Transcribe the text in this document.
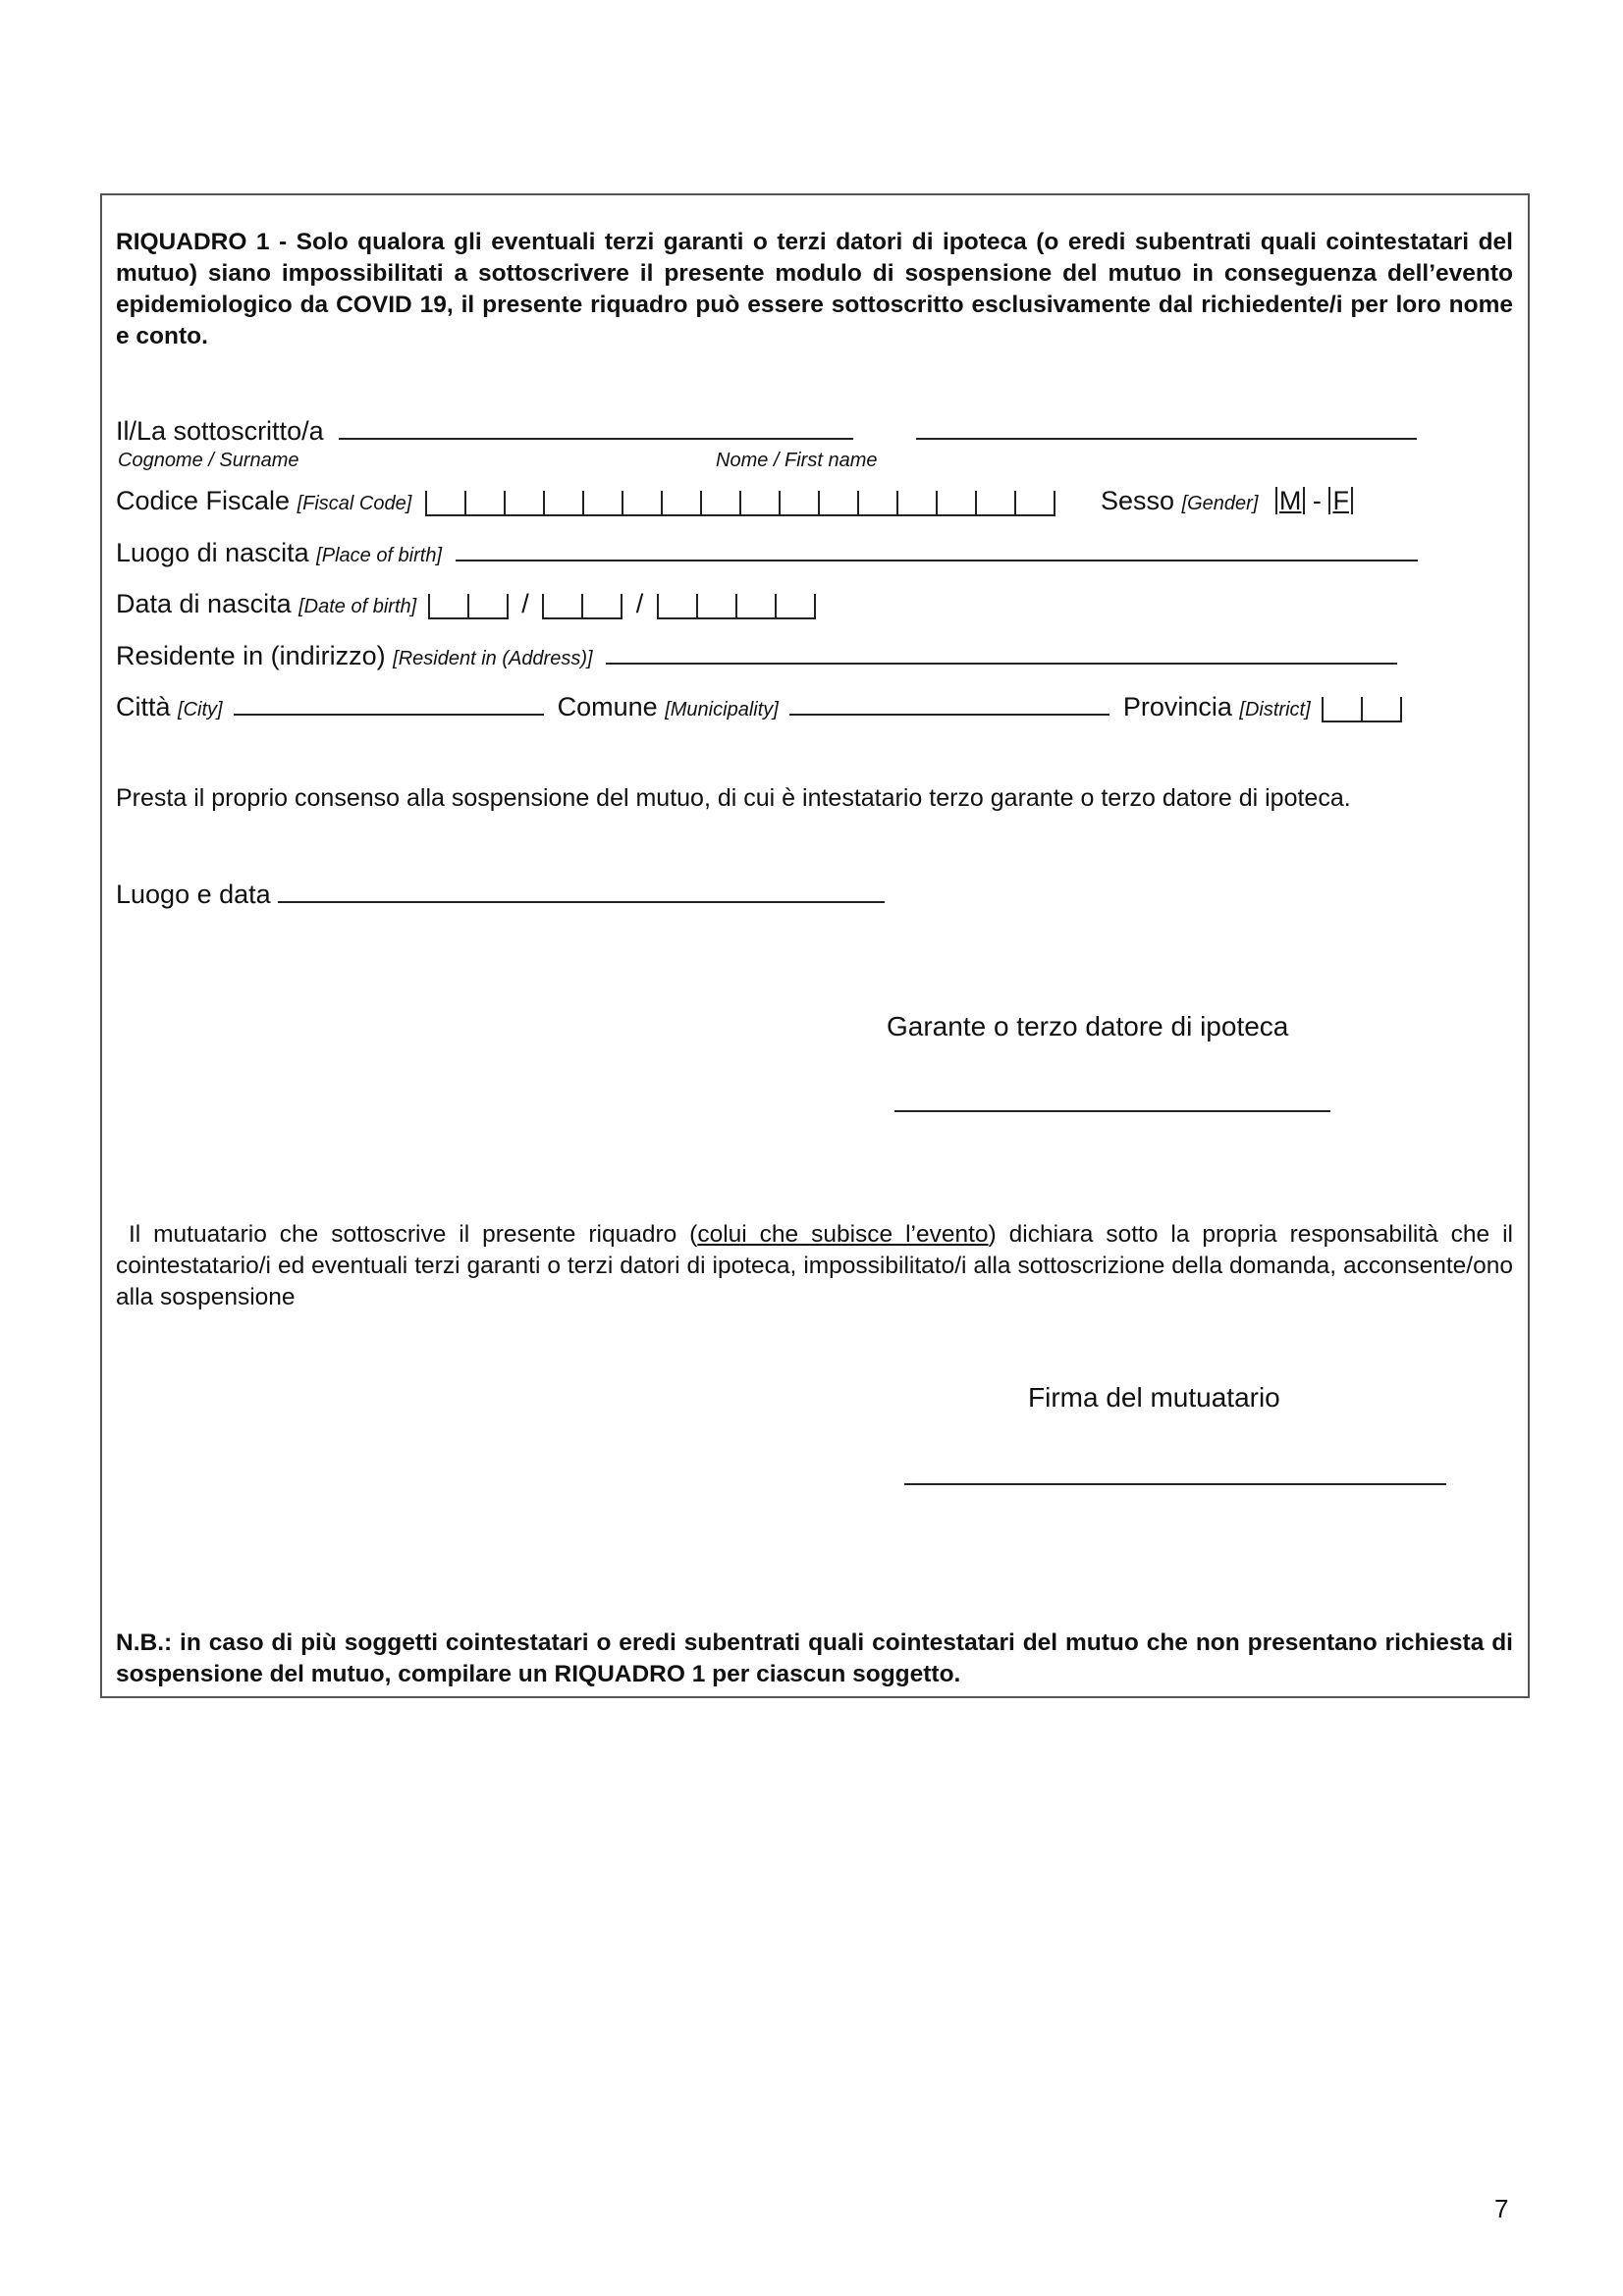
RIQUADRO 1 - Solo qualora gli eventuali terzi garanti o terzi datori di ipoteca (o eredi subentrati quali cointestatari del mutuo) siano impossibilitati a sottoscrivere il presente modulo di sospensione del mutuo in conseguenza dell’evento epidemiologico da COVID 19, il presente riquadro può essere sottoscritto esclusivamente dal richiedente/i per loro nome e conto.
Il/La sottoscritto/a
Cognome / Surname	Nome / First name
Codice Fiscale [Fiscal Code]	Sesso [Gender] M - F
Luogo di nascita [Place of birth]
Data di nascita [Date of birth]	/	/
Residente in (indirizzo) [Resident in (Address)]
Città [City]	Comune [Municipality]	Provincia [District]
Presta il proprio consenso alla sospensione del mutuo, di cui è intestatario terzo garante o terzo datore di ipoteca.
Luogo e data
Garante o terzo datore di ipoteca
Il mutuatario che sottoscrive il presente riquadro (colui che subisce l’evento) dichiara sotto la propria responsabilità che il cointestatario/i ed eventuali terzi garanti o terzi datori di ipoteca, impossibilitato/i alla sottoscrizione della domanda, acconsente/ono alla sospensione
Firma del mutuatario
N.B.: in caso di più soggetti cointestatari o eredi subentrati quali cointestatari del mutuo che non presentano richiesta di sospensione del mutuo, compilare un RIQUADRO 1 per ciascun soggetto.
7
